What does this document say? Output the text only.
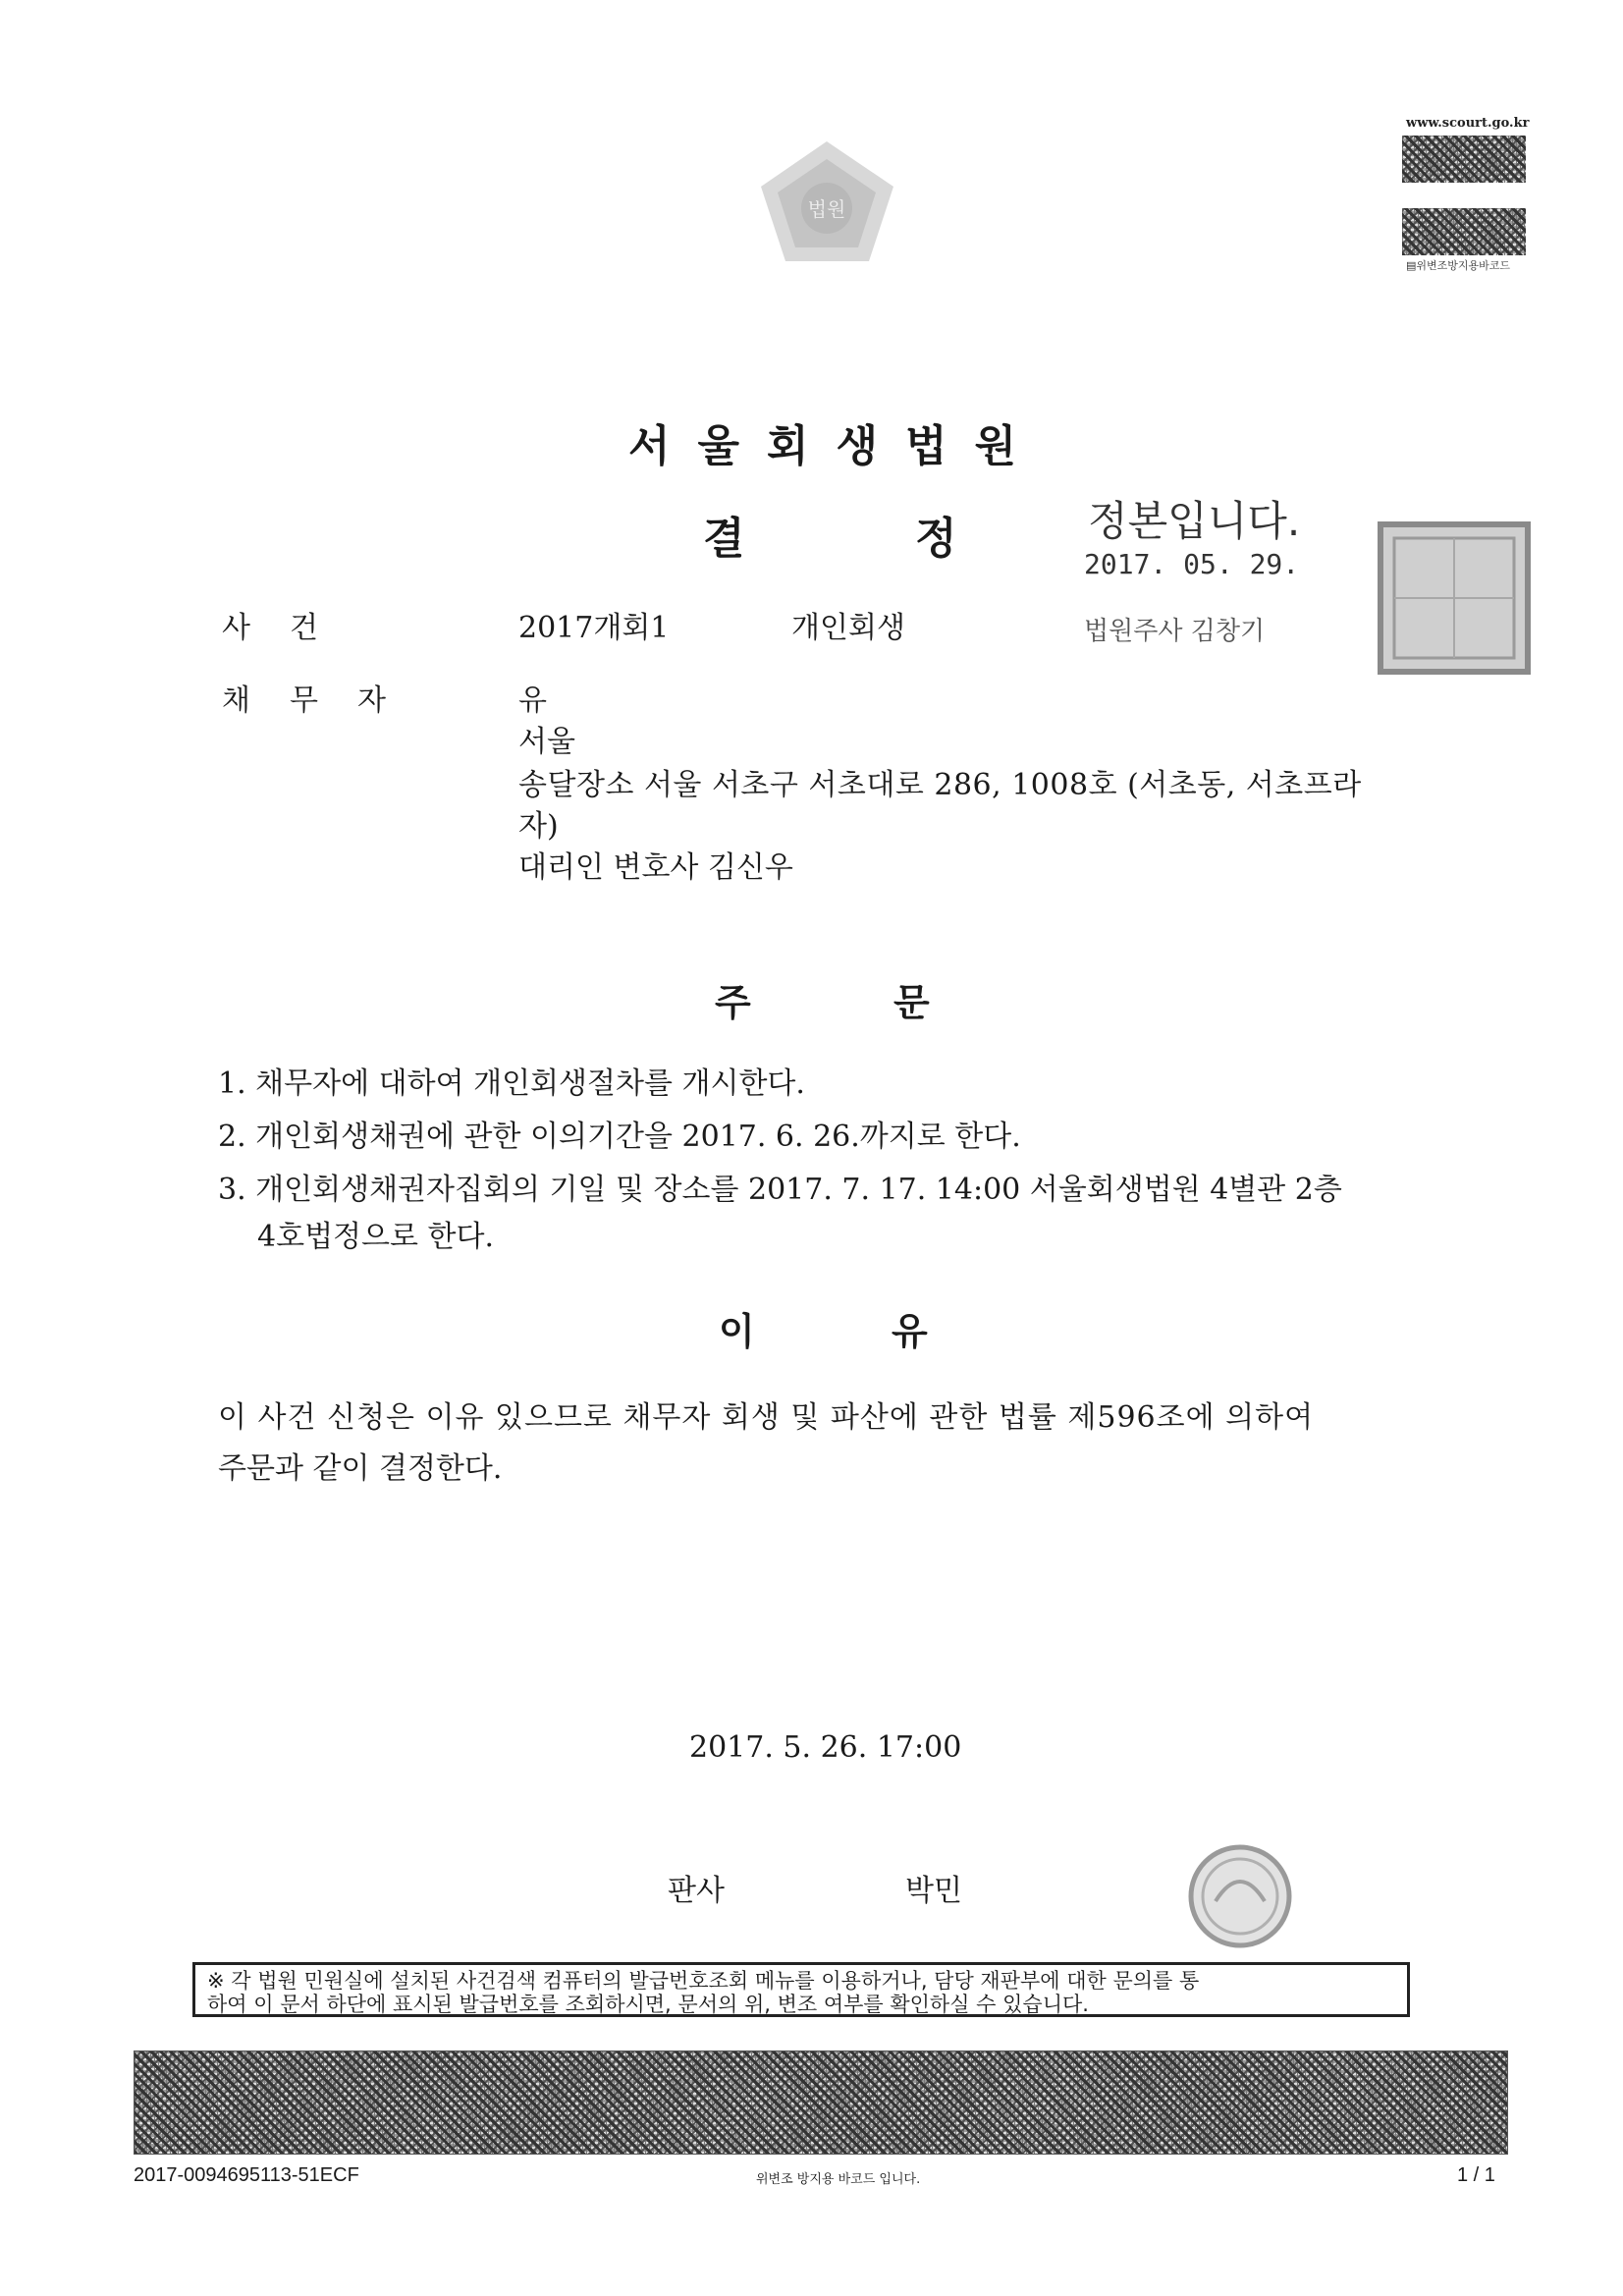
법원
www.scourt.go.kr
▤위변조방지용바코드
서울회생법원
결	정	정본입니다.
2017. 05. 29.
법원주사 김창기
사건	2017개회1	개인회생
채무자	유
서울
송달장소 서울 서초구 서초대로 286, 1008호 (서초동, 서초프라
자)
대리인 변호사 김신우
주	문
1. 채무자에 대하여 개인회생절차를 개시한다.
2. 개인회생채권에 관한 이의기간을 2017. 6. 26.까지로 한다.
3. 개인회생채권자집회의 기일 및 장소를 2017. 7. 17. 14:00 서울회생법원 4별관 2층
4호법정으로 한다.
이	유
이 사건 신청은 이유 있으므로 채무자 회생 및 파산에 관한 법률 제596조에 의하여
주문과 같이 결정한다.
2017. 5. 26. 17:00
판사	박민
※ 각 법원 민원실에 설치된 사건검색 컴퓨터의 발급번호조회 메뉴를 이용하거나, 담당 재판부에 대한 문의를 통
하여 이 문서 하단에 표시된 발급번호를 조회하시면, 문서의 위, 변조 여부를 확인하실 수 있습니다.
2017-0094695113-51ECF	위변조 방지용 바코드 입니다.	1 / 1
